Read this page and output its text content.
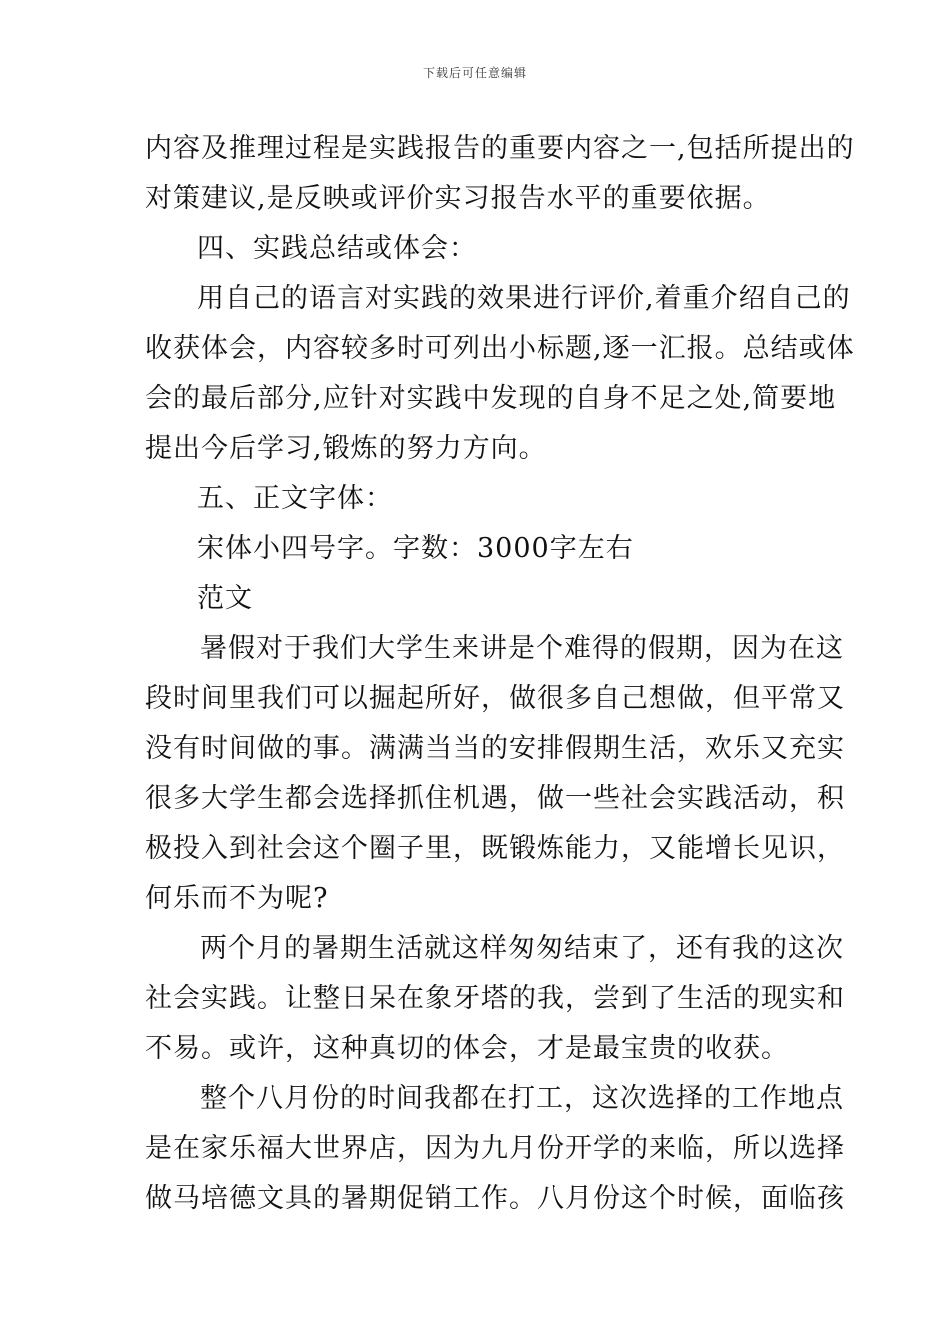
下载后可任意编辑
内容及推理过程是实践报告的重要内容之一,包括所提出的
对策建议,是反映或评价实习报告水平的重要依据。
四、实践总结或体会：
用自己的语言对实践的效果进行评价,着重介绍自己的
收获体会，内容较多时可列出小标题,逐一汇报。总结或体
会的最后部分,应针对实践中发现的自身不足之处,简要地
提出今后学习,锻炼的努力方向。
五、正文字体：
宋体小四号字。字数：3000字左右
范文
暑假对于我们大学生来讲是个难得的假期，因为在这
段时间里我们可以掘起所好，做很多自己想做，但平常又
没有时间做的事。满满当当的安排假期生活，欢乐又充实
很多大学生都会选择抓住机遇，做一些社会实践活动，积
极投入到社会这个圈子里，既锻炼能力，又能增长见识，
何乐而不为呢?
两个月的暑期生活就这样匆匆结束了，还有我的这次
社会实践。让整日呆在象牙塔的我，尝到了生活的现实和
不易。或许，这种真切的体会，才是最宝贵的收获。
整个八月份的时间我都在打工，这次选择的工作地点
是在家乐福大世界店，因为九月份开学的来临，所以选择
做马培德文具的暑期促销工作。八月份这个时候，面临孩
